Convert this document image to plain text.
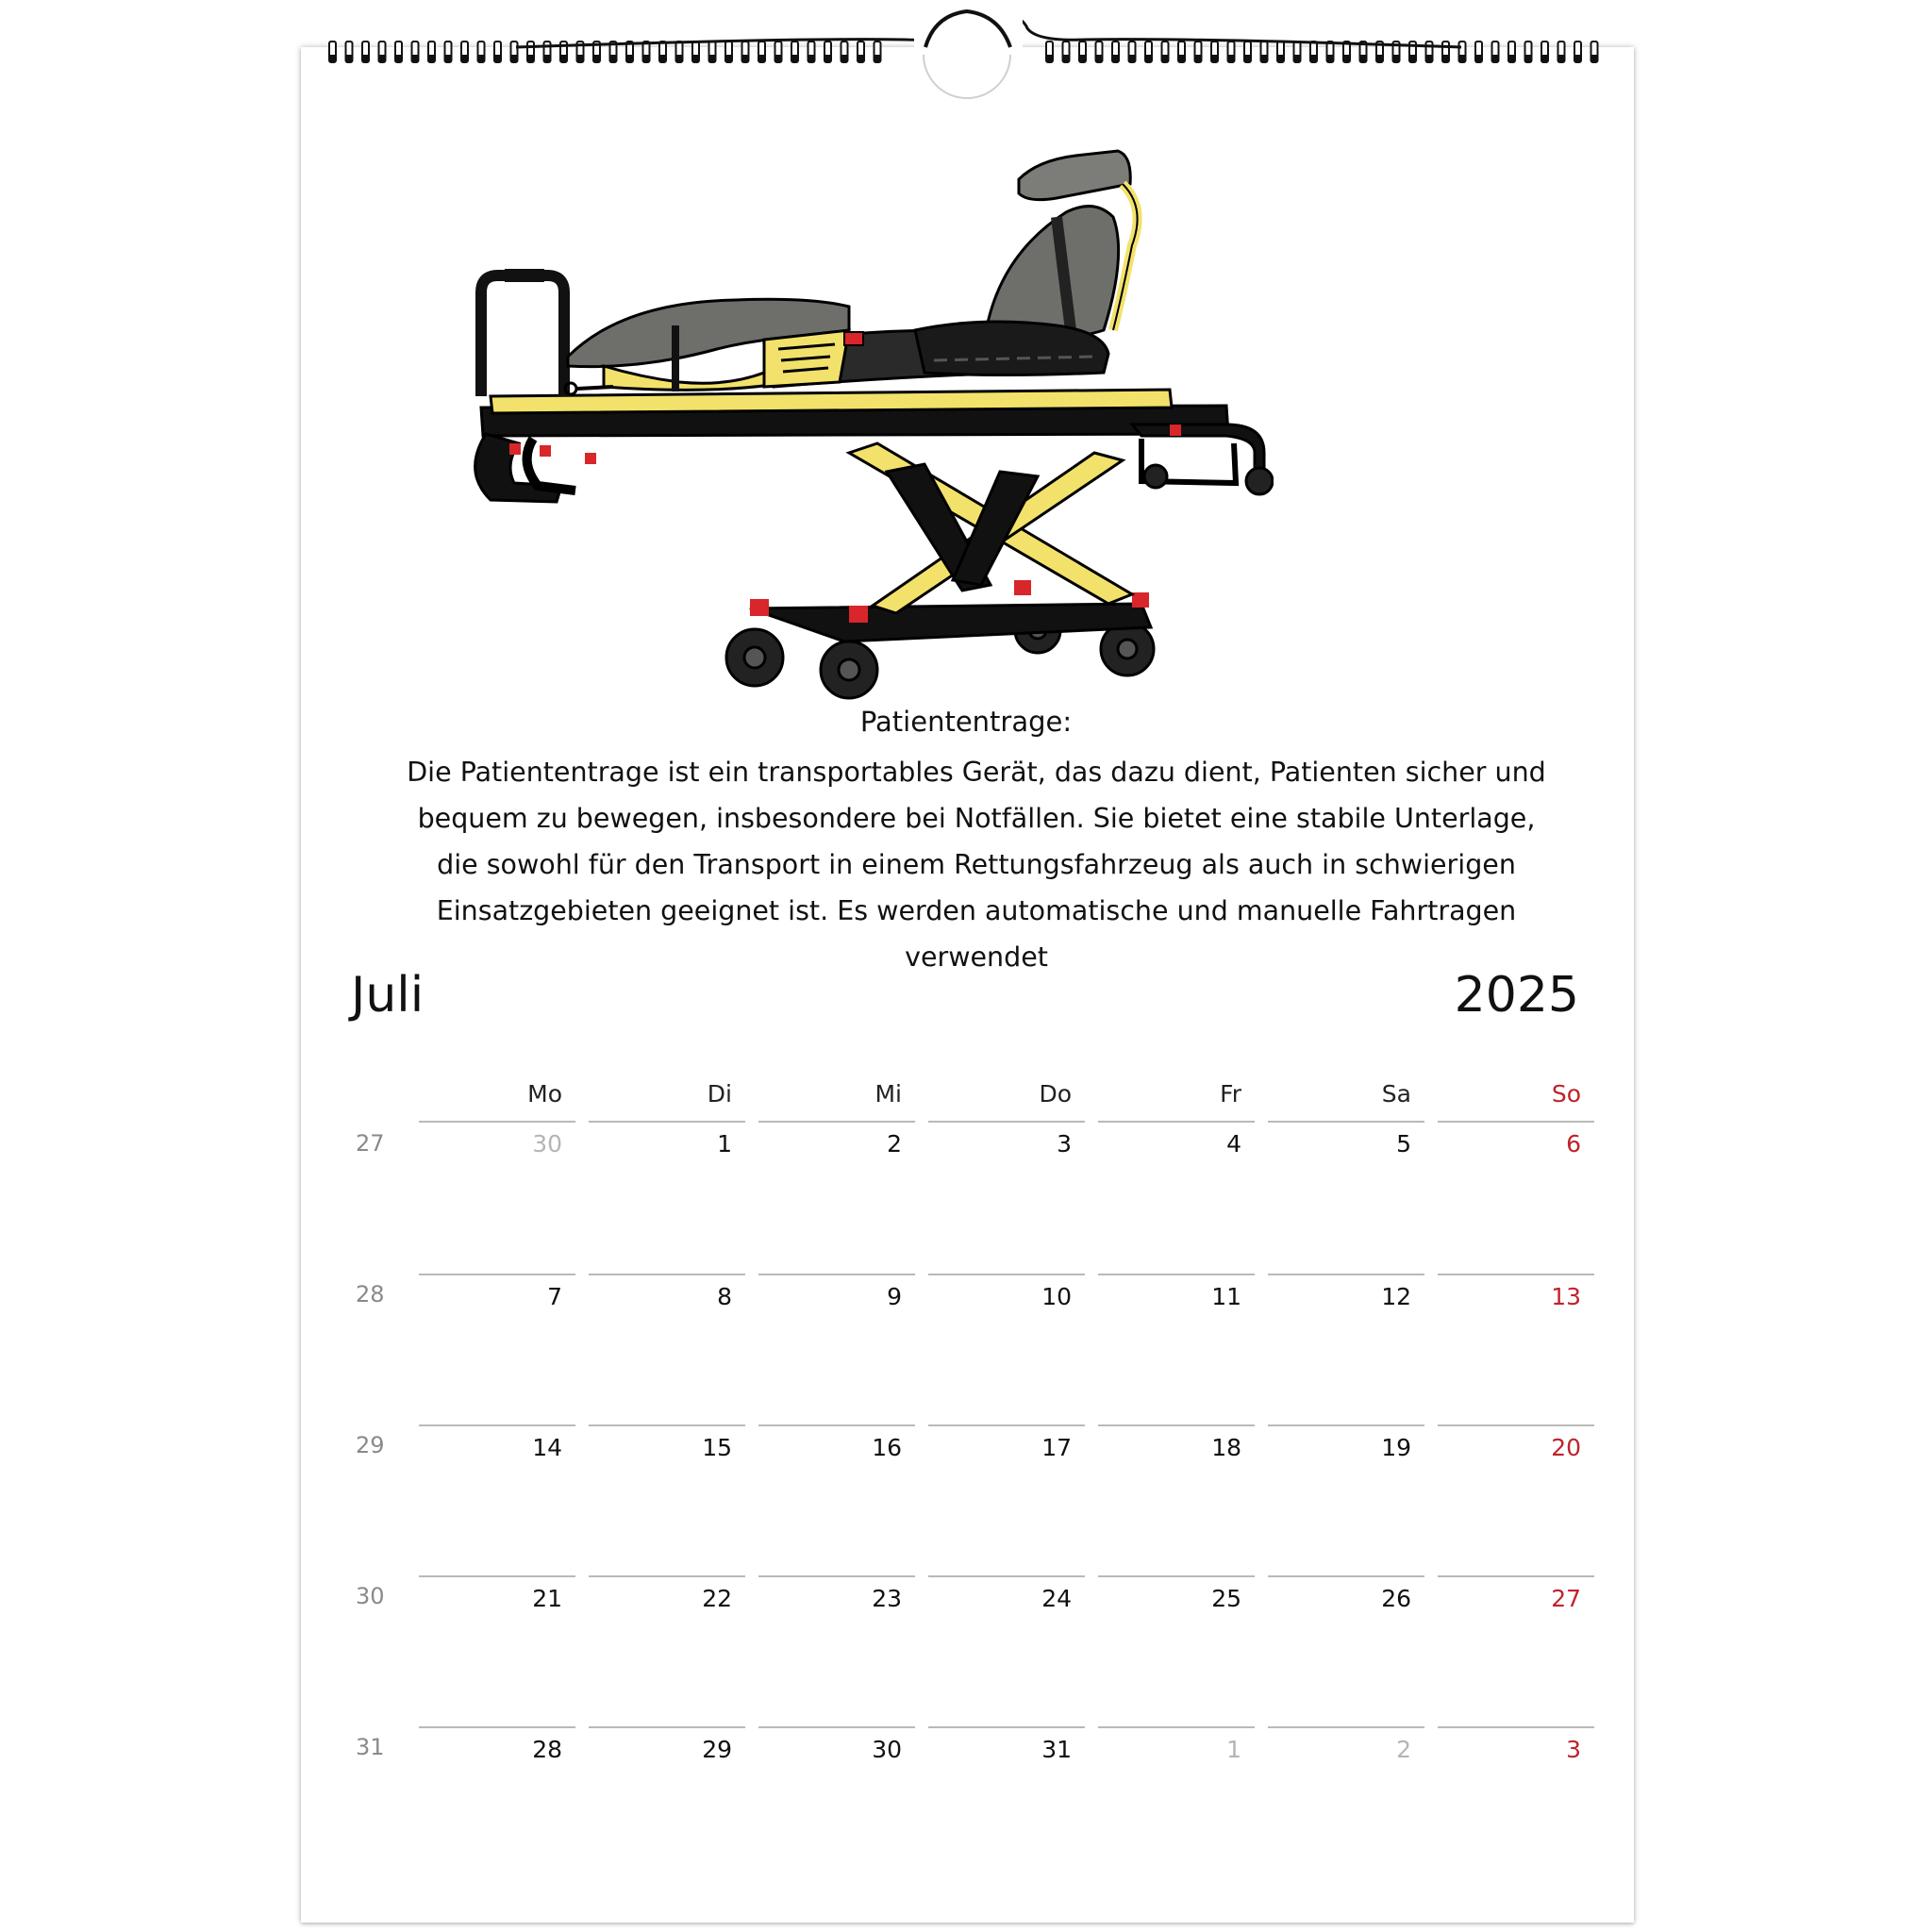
Patiententrage:
Die Patiententrage ist ein transportables Gerät, das dazu dient, Patienten sicher und
bequem zu bewegen, insbesondere bei Notfällen. Sie bietet eine stabile Unterlage,
die sowohl für den Transport in einem Rettungsfahrzeug als auch in schwierigen
Einsatzgebieten geeignet ist. Es werden automatische und manuelle Fahrtragen
verwendet
Juli	2025
Mo	Di	Mi	Do	Fr	Sa	So
27	30	1	2	3	4	5	6
28	7	8	9	10	11	12	13
29	14	15	16	17	18	19	20
30	21	22	23	24	25	26	27
31	28	29	30	31	1	2	3
